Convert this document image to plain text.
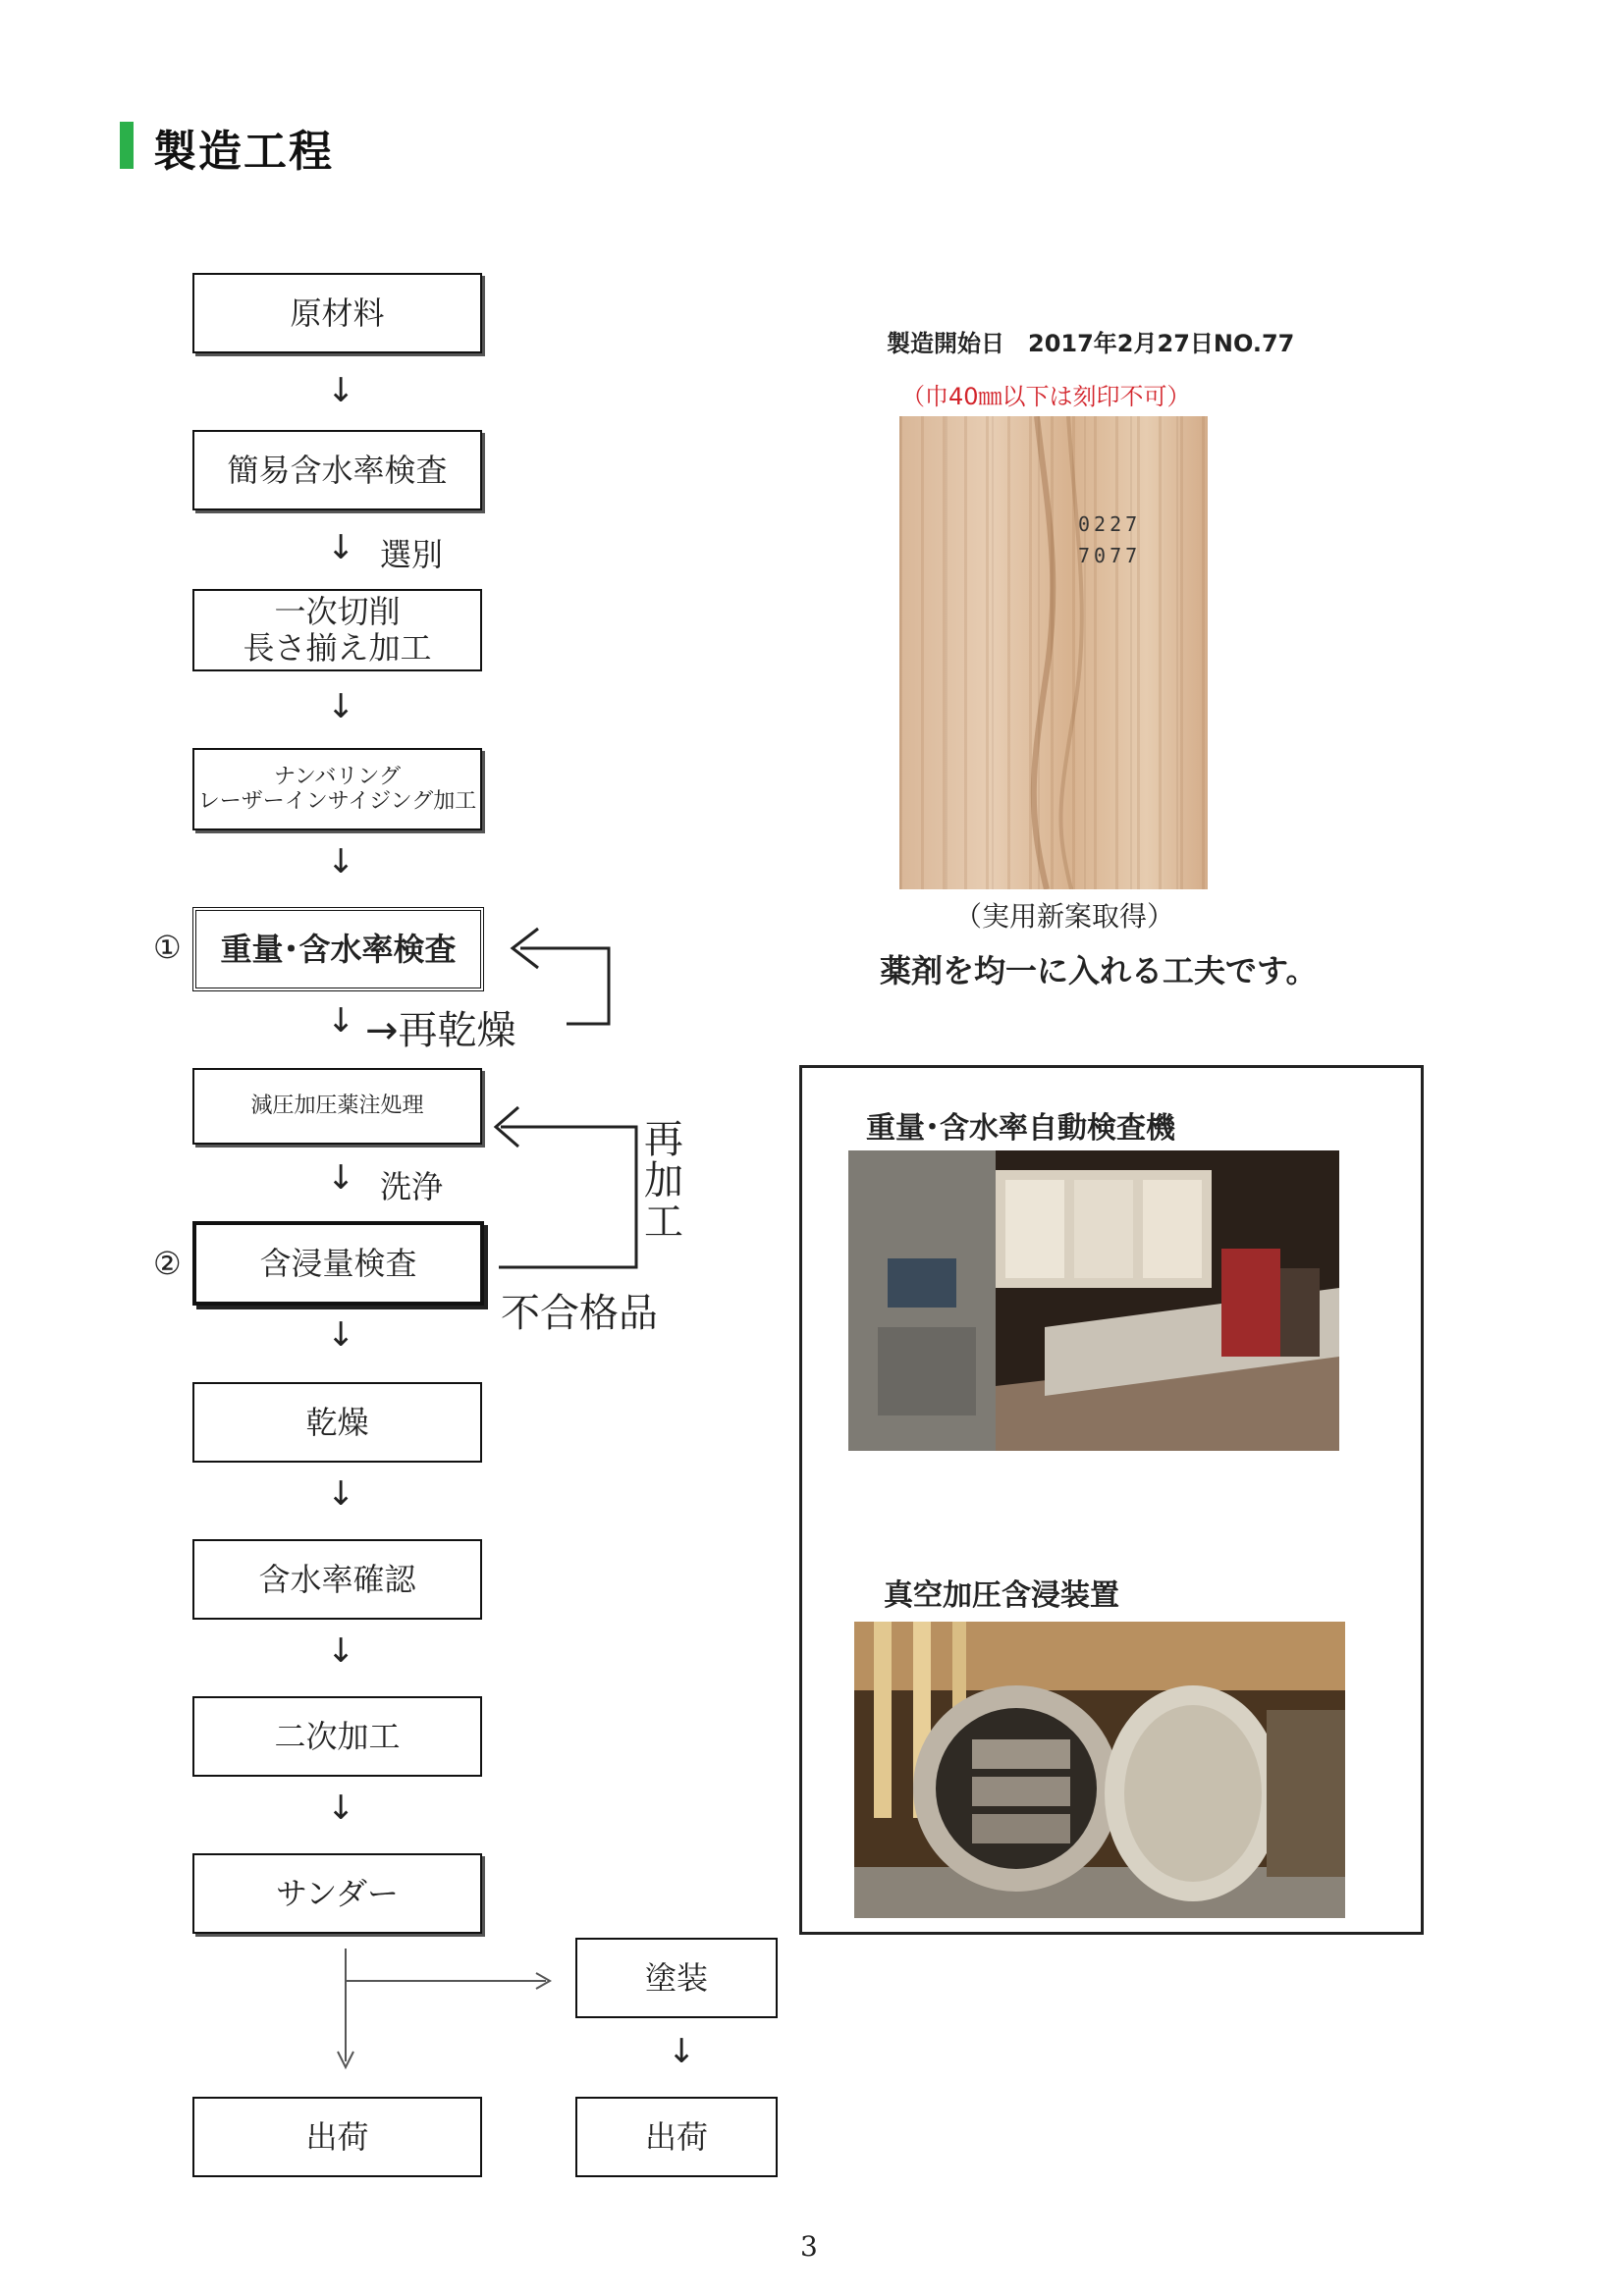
製造工程
原材料
↓
簡易含水率検査
↓ 選別
一次切削
長さ揃え加工
↓
ナンバリング
レーザーインサイジング加工
↓
① 重量･含水率検査
↓ →再乾燥
減圧加圧薬注処理
↓ 洗浄
② 含浸量検査
再
加
工
不合格品
↓
乾燥
↓
含水率確認
↓
二次加工
↓
サンダー
塗装
↓
出荷	出荷
製造開始日　2017年2月27日NO.77
（巾40㎜以下は刻印不可）
0227
7077
（実用新案取得）
薬剤を均一に入れる工夫です。
重量･含水率自動検査機
真空加圧含浸装置
3
